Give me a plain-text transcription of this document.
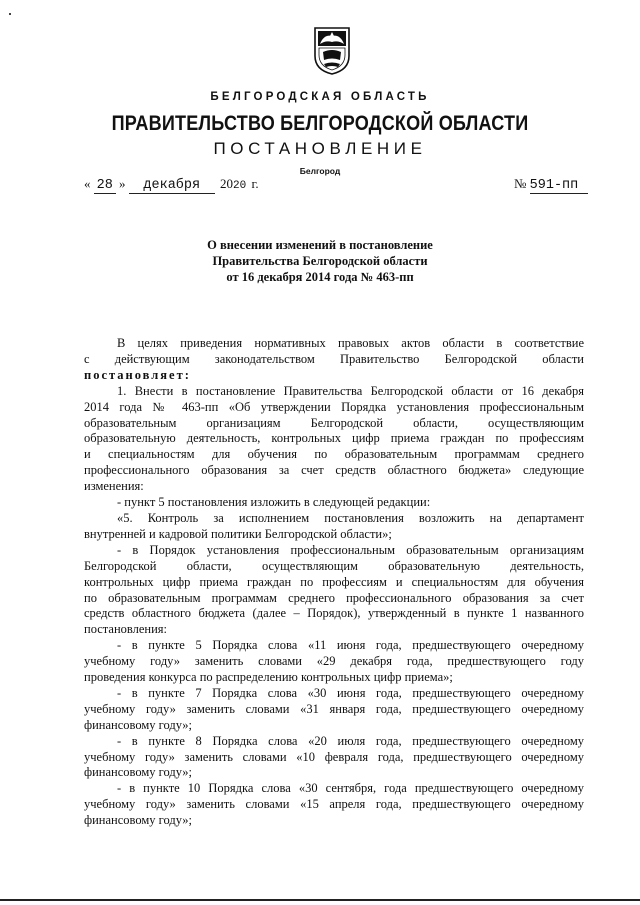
БЕЛГОРОДСКАЯ ОБЛАСТЬ
ПРАВИТЕЛЬСТВО БЕЛГОРОДСКОЙ ОБЛАСТИ
ПОСТАНОВЛЕНИЕ
Белгород
« 28 » декабря 2020 г.	№ 591-пп
О внесении изменений в постановление
Правительства Белгородской области
от 16 декабря 2014 года № 463-пп

В целях приведения нормативных правовых актов области в соответствие

с действующим законодательством Правительство Белгородской области

постановляет:

1. Внести в постановление Правительства Белгородской области от 16 декабря

2014 года № 463-пп «Об утверждении Порядка установления профессиональным

образовательным организациям Белгородской области, осуществляющим

образовательную деятельность, контрольных цифр приема граждан по профессиям

и специальностям для обучения по образовательным программам среднего

профессионального образования за счет средств областного бюджета» следующие

изменения:

- пункт 5 постановления изложить в следующей редакции:

«5. Контроль за исполнением постановления возложить на департамент

внутренней и кадровой политики Белгородской области»;

- в Порядок установления профессиональным образовательным организациям

Белгородской области, осуществляющим образовательную деятельность,

контрольных цифр приема граждан по профессиям и специальностям для обучения

по образовательным программам среднего профессионального образования за счет

средств областного бюджета (далее – Порядок), утвержденный в пункте 1 названного

постановления:

- в пункте 5 Порядка слова «11 июня года, предшествующего очередному

учебному году» заменить словами «29 декабря года, предшествующего году

проведения конкурса по распределению контрольных цифр приема»;

- в пункте 7 Порядка слова «30 июня года, предшествующего очередному

учебному году» заменить словами «31 января года, предшествующего очередному

финансовому году»;

- в пункте 8 Порядка слова «20 июля года, предшествующего очередному

учебному году» заменить словами «10 февраля года, предшествующего очередному

финансовому году»;

- в пункте 10 Порядка слова «30 сентября, года предшествующего очередному

учебному году» заменить словами «15 апреля года, предшествующего очередному

финансовому году»;
